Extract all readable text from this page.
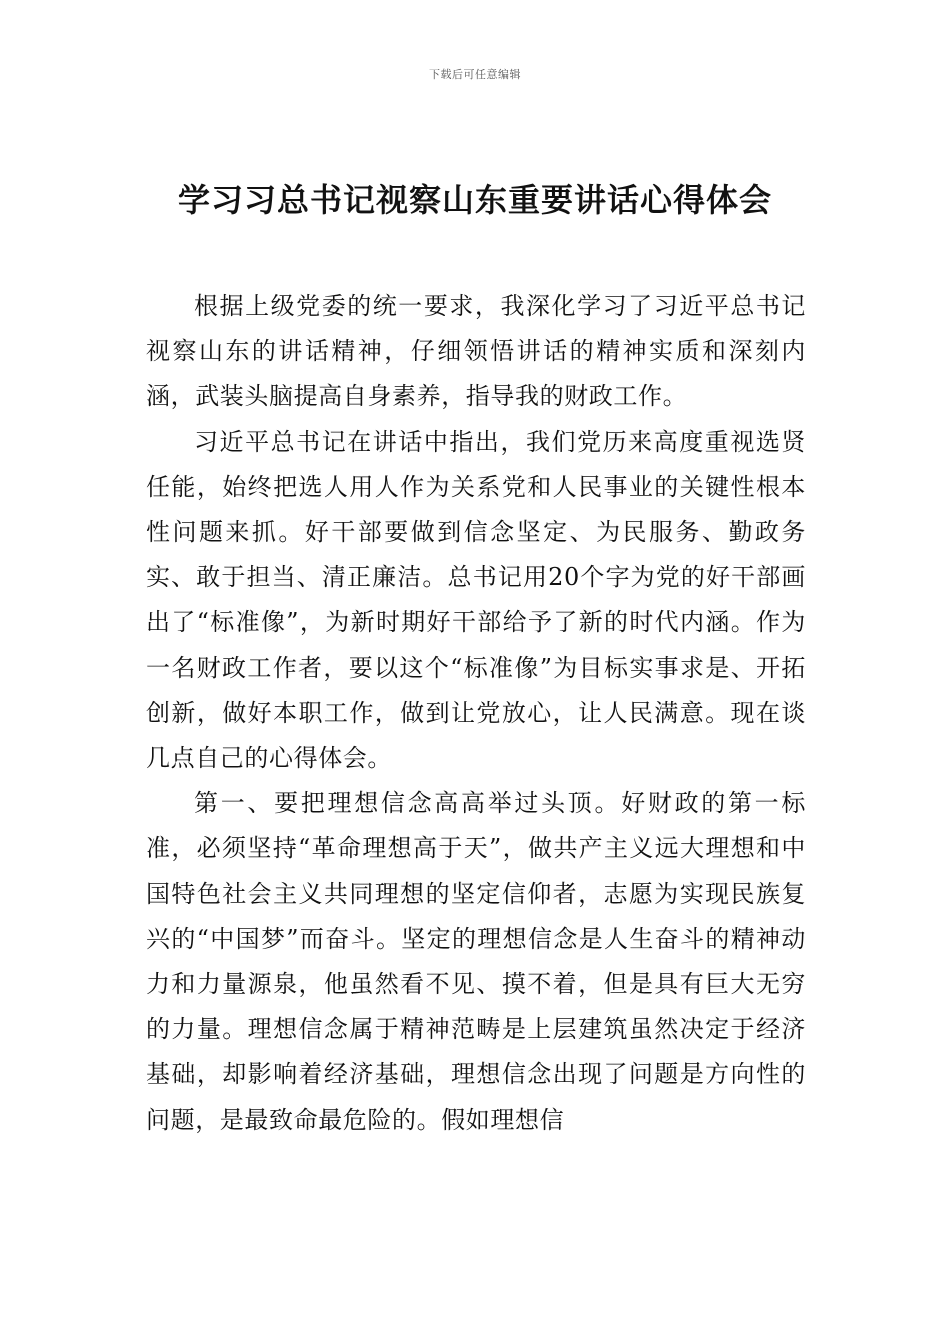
下载后可任意编辑
学习习总书记视察山东重要讲话心得体会

根据上级党委的统一要求，我深化学习了习近平总书记视察山东的讲话精神，仔细领悟讲话的精神实质和深刻内涵，武装头脑提高自身素养，指导我的财政工作。

习近平总书记在讲话中指出，我们党历来高度重视选贤任能，始终把选人用人作为关系党和人民事业的关键性根本性问题来抓。好干部要做到信念坚定、为民服务、勤政务实、敢于担当、清正廉洁。总书记用20个字为党的好干部画出了“标准像”，为新时期好干部给予了新的时代内涵。作为一名财政工作者，要以这个“标准像”为目标实事求是、开拓创新，做好本职工作，做到让党放心，让人民满意。现在谈几点自己的心得体会。

第一、要把理想信念高高举过头顶。好财政的第一标准，必须坚持“革命理想高于天”，做共产主义远大理想和中国特色社会主义共同理想的坚定信仰者，志愿为实现民族复兴的“中国梦”而奋斗。坚定的理想信念是人生奋斗的精神动力和力量源泉，他虽然看不见、摸不着，但是具有巨大无穷的力量。理想信念属于精神范畴是上层建筑虽然决定于经济基础，却影响着经济基础，理想信念出现了问题是方向性的问题，是最致命最危险的。假如理想信
